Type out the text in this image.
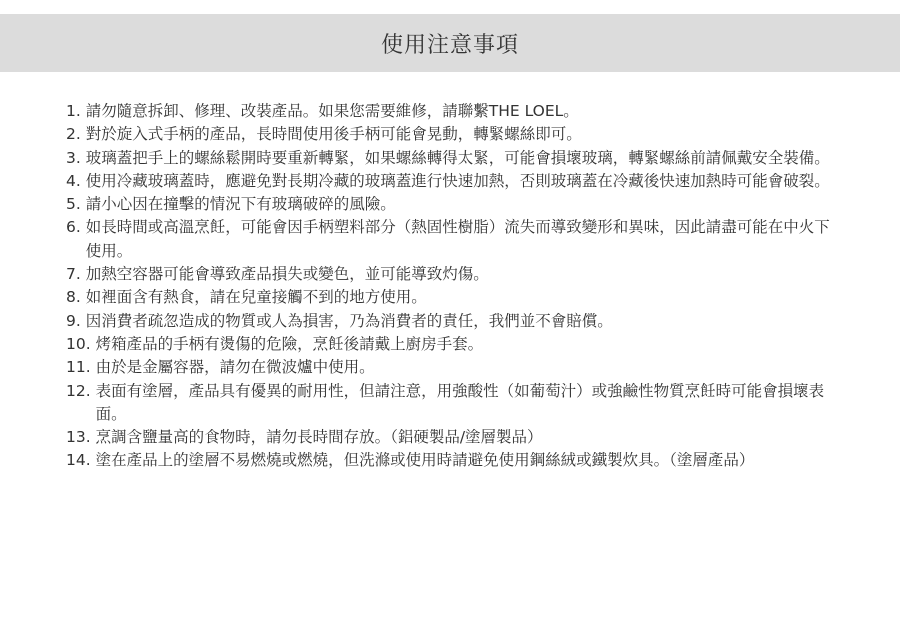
使用注意事項
1. 請勿隨意拆卸、修理、改裝產品。如果您需要維修，請聯繫THE LOEL。
2. 對於旋入式手柄的產品，長時間使用後手柄可能會晃動，轉緊螺絲即可。
3. 玻璃蓋把手上的螺絲鬆開時要重新轉緊，如果螺絲轉得太緊，可能會損壞玻璃，轉緊螺絲前請佩戴安全裝備。
4. 使用冷藏玻璃蓋時，應避免對長期冷藏的玻璃蓋進行快速加熱，否則玻璃蓋在冷藏後快速加熱時可能會破裂。
5. 請小心因在撞擊的情況下有玻璃破碎的風險。
6. 如長時間或高溫烹飪，可能會因手柄塑料部分（熱固性樹脂）流失而導致變形和異味，因此請盡可能在中火下使用。
7. 加熱空容器可能會導致產品損失或變色，並可能導致灼傷。
8. 如裡面含有熱食，請在兒童接觸不到的地方使用。
9. 因消費者疏忽造成的物質或人為損害，乃為消費者的責任，我們並不會賠償。
10. 烤箱產品的手柄有燙傷的危險，烹飪後請戴上廚房手套。
11. 由於是金屬容器，請勿在微波爐中使用。
12. 表面有塗層，產品具有優異的耐用性，但請注意，用強酸性（如葡萄汁）或強鹼性物質烹飪時可能會損壞表面。
13. 烹調含鹽量高的食物時，請勿長時間存放。（鋁硬製品/塗層製品）
14. 塗在產品上的塗層不易燃燒或燃燒，但洗滌或使用時請避免使用鋼絲絨或鐵製炊具。（塗層產品）
